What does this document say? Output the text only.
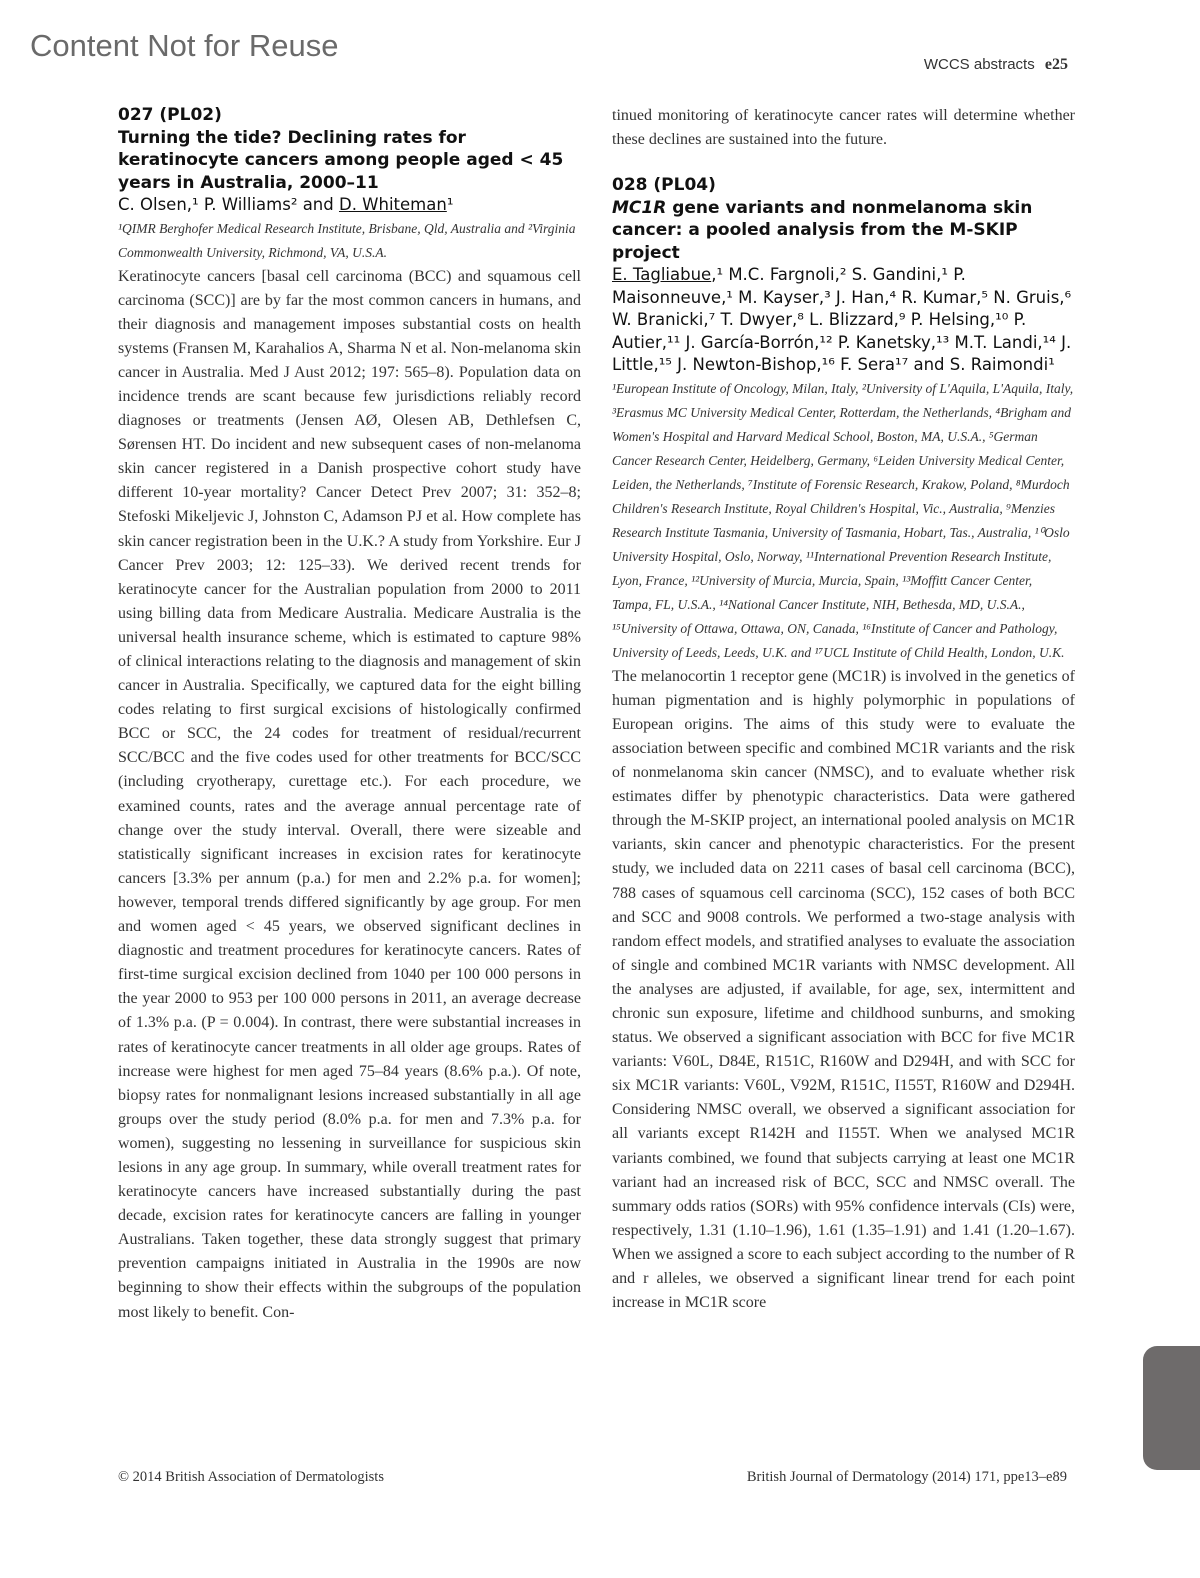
Content Not for Reuse
WCCS abstracts e25
027 (PL02)
Turning the tide? Declining rates for keratinocyte cancers among people aged < 45 years in Australia, 2000–11
C. Olsen,¹ P. Williams² and D. Whiteman¹
¹QIMR Berghofer Medical Research Institute, Brisbane, Qld, Australia and ²Virginia Commonwealth University, Richmond, VA, U.S.A.
Keratinocyte cancers [basal cell carcinoma (BCC) and squamous cell carcinoma (SCC)] are by far the most common cancers in humans, and their diagnosis and management imposes substantial costs on health systems (Fransen M, Karahalios A, Sharma N et al. Non-melanoma skin cancer in Australia. Med J Aust 2012; 197: 565–8). Population data on incidence trends are scant because few jurisdictions reliably record diagnoses or treatments (Jensen AØ, Olesen AB, Dethlefsen C, Sørensen HT. Do incident and new subsequent cases of non-melanoma skin cancer registered in a Danish prospective cohort study have different 10-year mortality? Cancer Detect Prev 2007; 31: 352–8; Stefoski Mikeljevic J, Johnston C, Adamson PJ et al. How complete has skin cancer registration been in the U.K.? A study from Yorkshire. Eur J Cancer Prev 2003; 12: 125–33). We derived recent trends for keratinocyte cancer for the Australian population from 2000 to 2011 using billing data from Medicare Australia. Medicare Australia is the universal health insurance scheme, which is estimated to capture 98% of clinical interactions relating to the diagnosis and management of skin cancer in Australia. Specifically, we captured data for the eight billing codes relating to first surgical excisions of histologically confirmed BCC or SCC, the 24 codes for treatment of residual/recurrent SCC/BCC and the five codes used for other treatments for BCC/SCC (including cryotherapy, curettage etc.). For each procedure, we examined counts, rates and the average annual percentage rate of change over the study interval. Overall, there were sizeable and statistically significant increases in excision rates for keratinocyte cancers [3.3% per annum (p.a.) for men and 2.2% p.a. for women]; however, temporal trends differed significantly by age group. For men and women aged < 45 years, we observed significant declines in diagnostic and treatment procedures for keratinocyte cancers. Rates of first-time surgical excision declined from 1040 per 100 000 persons in the year 2000 to 953 per 100 000 persons in 2011, an average decrease of 1.3% p.a. (P = 0.004). In contrast, there were substantial increases in rates of keratinocyte cancer treatments in all older age groups. Rates of increase were highest for men aged 75–84 years (8.6% p.a.). Of note, biopsy rates for nonmalignant lesions increased substantially in all age groups over the study period (8.0% p.a. for men and 7.3% p.a. for women), suggesting no lessening in surveillance for suspicious skin lesions in any age group. In summary, while overall treatment rates for keratinocyte cancers have increased substantially during the past decade, excision rates for keratinocyte cancers are falling in younger Australians. Taken together, these data strongly suggest that primary prevention campaigns initiated in Australia in the 1990s are now beginning to show their effects within the subgroups of the population most likely to benefit. Con-
tinued monitoring of keratinocyte cancer rates will determine whether these declines are sustained into the future.
028 (PL04)
MC1R gene variants and nonmelanoma skin cancer: a pooled analysis from the M-SKIP project
E. Tagliabue,¹ M.C. Fargnoli,² S. Gandini,¹ P. Maisonneuve,¹ M. Kayser,³ J. Han,⁴ R. Kumar,⁵ N. Gruis,⁶ W. Branicki,⁷ T. Dwyer,⁸ L. Blizzard,⁹ P. Helsing,¹⁰ P. Autier,¹¹ J. García-Borrón,¹² P. Kanetsky,¹³ M.T. Landi,¹⁴ J. Little,¹⁵ J. Newton-Bishop,¹⁶ F. Sera¹⁷ and S. Raimondi¹
¹European Institute of Oncology, Milan, Italy, ²University of L'Aquila, L'Aquila, Italy, ³Erasmus MC University Medical Center, Rotterdam, the Netherlands, ⁴Brigham and Women's Hospital and Harvard Medical School, Boston, MA, U.S.A., ⁵German Cancer Research Center, Heidelberg, Germany, ⁶Leiden University Medical Center, Leiden, the Netherlands, ⁷Institute of Forensic Research, Krakow, Poland, ⁸Murdoch Children's Research Institute, Royal Children's Hospital, Vic., Australia, ⁹Menzies Research Institute Tasmania, University of Tasmania, Hobart, Tas., Australia, ¹⁰Oslo University Hospital, Oslo, Norway, ¹¹International Prevention Research Institute, Lyon, France, ¹²University of Murcia, Murcia, Spain, ¹³Moffitt Cancer Center, Tampa, FL, U.S.A., ¹⁴National Cancer Institute, NIH, Bethesda, MD, U.S.A., ¹⁵University of Ottawa, Ottawa, ON, Canada, ¹⁶Institute of Cancer and Pathology, University of Leeds, Leeds, U.K. and ¹⁷UCL Institute of Child Health, London, U.K.
The melanocortin 1 receptor gene (MC1R) is involved in the genetics of human pigmentation and is highly polymorphic in populations of European origins. The aims of this study were to evaluate the association between specific and combined MC1R variants and the risk of nonmelanoma skin cancer (NMSC), and to evaluate whether risk estimates differ by phenotypic characteristics. Data were gathered through the M-SKIP project, an international pooled analysis on MC1R variants, skin cancer and phenotypic characteristics. For the present study, we included data on 2211 cases of basal cell carcinoma (BCC), 788 cases of squamous cell carcinoma (SCC), 152 cases of both BCC and SCC and 9008 controls. We performed a two-stage analysis with random effect models, and stratified analyses to evaluate the association of single and combined MC1R variants with NMSC development. All the analyses are adjusted, if available, for age, sex, intermittent and chronic sun exposure, lifetime and childhood sunburns, and smoking status. We observed a significant association with BCC for five MC1R variants: V60L, D84E, R151C, R160W and D294H, and with SCC for six MC1R variants: V60L, V92M, R151C, I155T, R160W and D294H. Considering NMSC overall, we observed a significant association for all variants except R142H and I155T. When we analysed MC1R variants combined, we found that subjects carrying at least one MC1R variant had an increased risk of BCC, SCC and NMSC overall. The summary odds ratios (SORs) with 95% confidence intervals (CIs) were, respectively, 1.31 (1.10–1.96), 1.61 (1.35–1.91) and 1.41 (1.20–1.67). When we assigned a score to each subject according to the number of R and r alleles, we observed a significant linear trend for each point increase in MC1R score
© 2014 British Association of Dermatologists	British Journal of Dermatology (2014) 171, ppe13–e89
